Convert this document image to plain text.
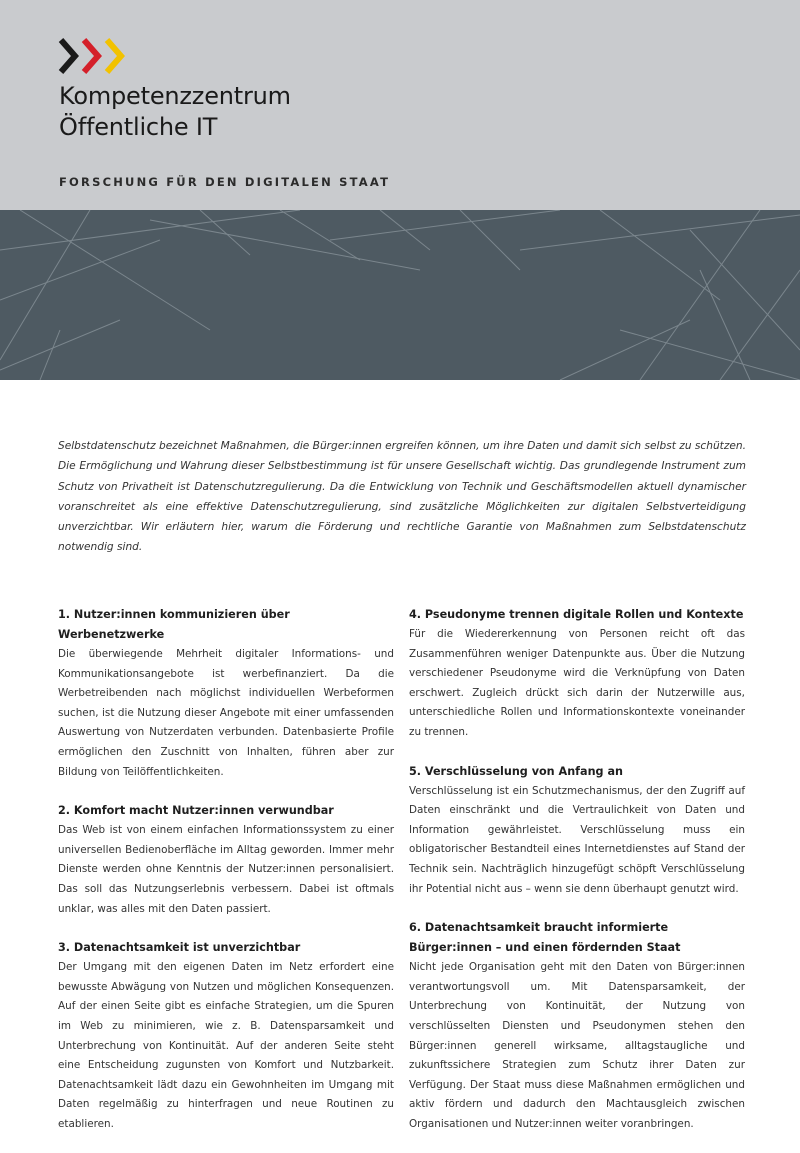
Kompetenzzentrum
Öffentliche IT
FORSCHUNG FÜR DEN DIGITALEN STAAT

Selbstdatenschutz bezeichnet Maßnahmen, die Bürger:innen ergreifen können, um ihre Daten und damit sich selbst zu schützen. Die Ermöglichung und Wahrung dieser Selbstbestimmung ist für unsere Gesellschaft wichtig. Das grundlegende Instrument zum Schutz von Privatheit ist Datenschutzregulierung. Da die Entwicklung von Technik und Geschäftsmodellen aktuell dynamischer voranschreitet als eine effektive Datenschutzregulierung, sind zusätzliche Möglichkeiten zur digitalen Selbstverteidigung unverzichtbar. Wir erläutern hier, warum die Förderung und rechtliche Garantie von Maßnahmen zum Selbstdatenschutz notwendig sind.

1. Nutzer:innen kommunizieren über Werbenetzwerke

Die überwiegende Mehrheit digitaler Informations- und Kommunikationsangebote ist werbefinanziert. Da die Werbetreibenden nach möglichst individuellen Werbeformen suchen, ist die Nutzung dieser Angebote mit einer umfassenden Auswertung von Nutzerdaten verbunden. Datenbasierte Profile ermöglichen den Zuschnitt von Inhalten, führen aber zur Bildung von Teilöffentlichkeiten.

2. Komfort macht Nutzer:innen verwundbar

Das Web ist von einem einfachen Informationssystem zu einer universellen Bedienoberfläche im Alltag geworden. Immer mehr Dienste werden ohne Kenntnis der Nutzer:innen personalisiert. Das soll das Nutzungserlebnis verbessern. Dabei ist oftmals unklar, was alles mit den Daten passiert.

3. Datenachtsamkeit ist unverzichtbar

Der Umgang mit den eigenen Daten im Netz erfordert eine bewusste Abwägung von Nutzen und möglichen Konsequenzen. Auf der einen Seite gibt es einfache Strategien, um die Spuren im Web zu minimieren, wie z. B. Datensparsamkeit und Unterbrechung von Kontinuität. Auf der anderen Seite steht eine Entscheidung zugunsten von Komfort und Nutzbarkeit. Datenachtsamkeit lädt dazu ein Gewohnheiten im Umgang mit Daten regelmäßig zu hinterfragen und neue Routinen zu etablieren.

4. Pseudonyme trennen digitale Rollen und Kontexte

Für die Wiedererkennung von Personen reicht oft das Zusammenführen weniger Datenpunkte aus. Über die Nutzung verschiedener Pseudonyme wird die Verknüpfung von Daten erschwert. Zugleich drückt sich darin der Nutzerwille aus, unterschiedliche Rollen und Informationskontexte voneinander zu trennen.

5. Verschlüsselung von Anfang an

Verschlüsselung ist ein Schutzmechanismus, der den Zugriff auf Daten einschränkt und die Vertraulichkeit von Daten und Information gewährleistet. Verschlüsselung muss ein obligatorischer Bestandteil eines Internetdienstes auf Stand der Technik sein. Nachträglich hinzugefügt schöpft Verschlüsselung ihr Potential nicht aus – wenn sie denn überhaupt genutzt wird.

6. Datenachtsamkeit braucht informierte Bürger:innen – und einen fördernden Staat

Nicht jede Organisation geht mit den Daten von Bürger:innen verantwortungsvoll um. Mit Datensparsamkeit, der Unterbrechung von Kontinuität, der Nutzung von verschlüsselten Diensten und Pseudonymen stehen den Bürger:innen generell wirksame, alltagstaugliche und zukunftssichere Strategien zum Schutz ihrer Daten zur Verfügung. Der Staat muss diese Maßnahmen ermöglichen und aktiv fördern und dadurch den Machtausgleich zwischen Organisationen und Nutzer:innen weiter voranbringen.
